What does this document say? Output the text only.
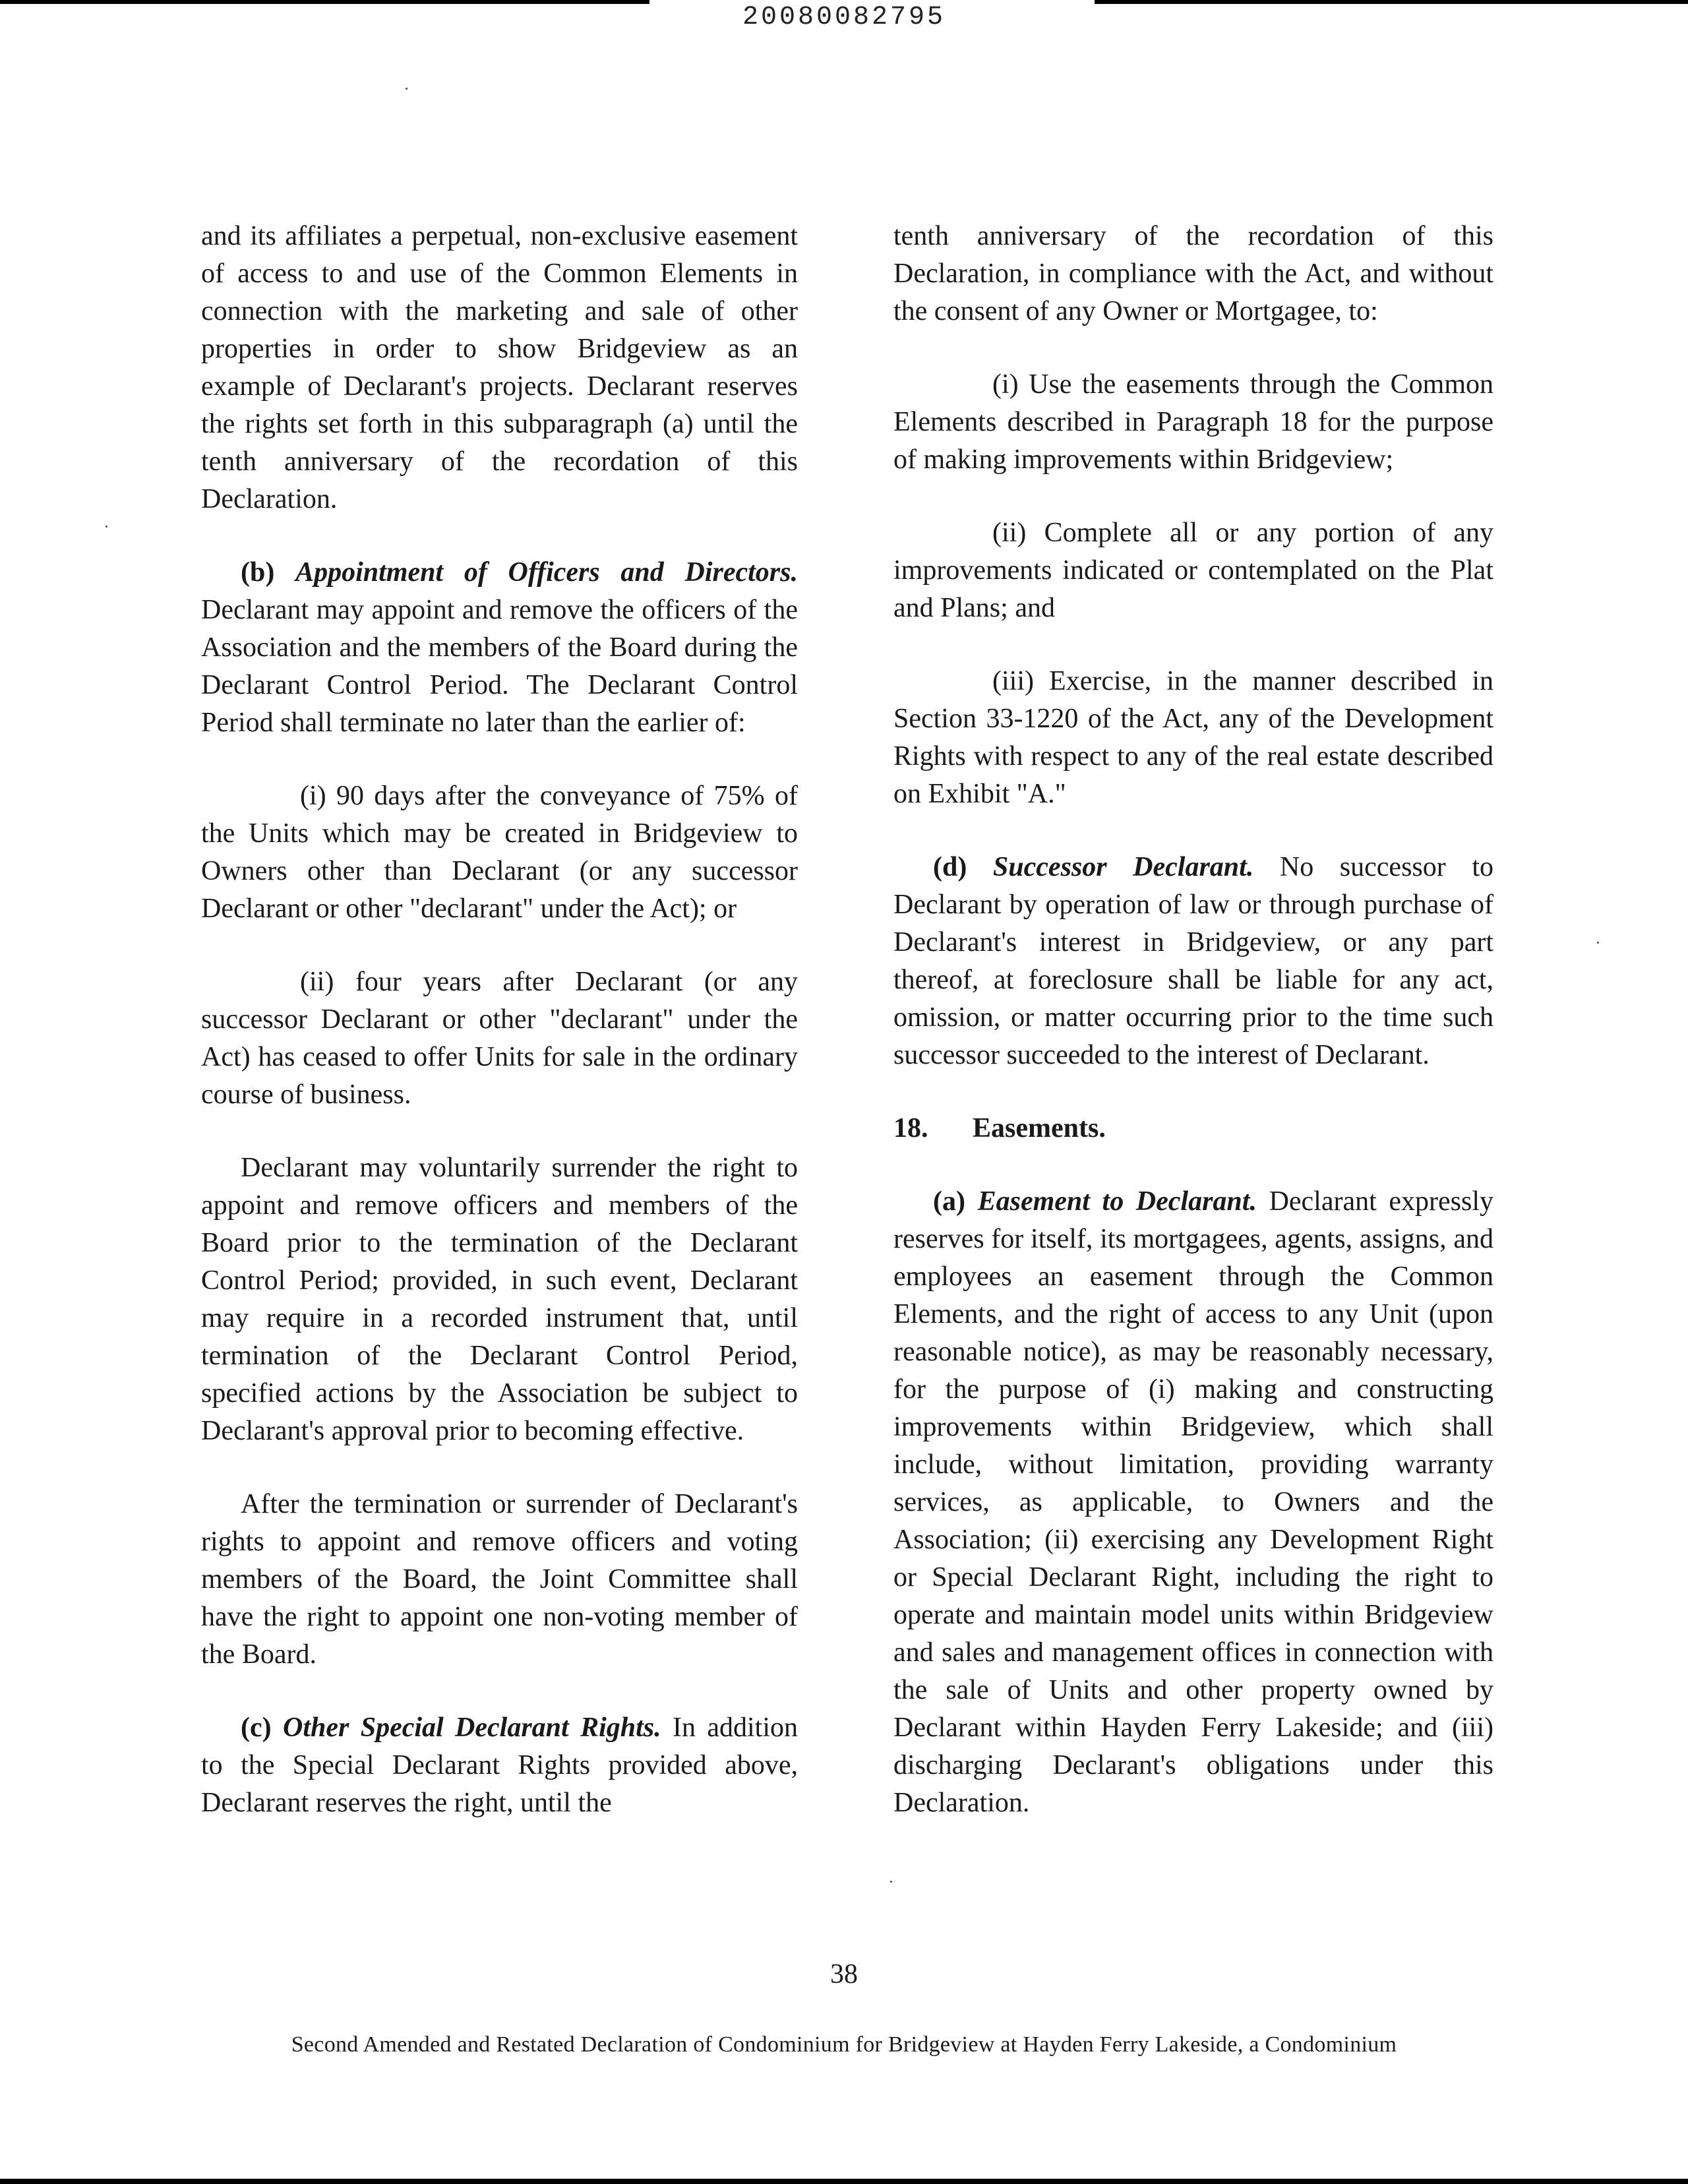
20080082795

and its affiliates a perpetual, non-exclusive easement of access to and use of the Common Elements in connection with the marketing and sale of other properties in order to show Bridgeview as an example of Declarant's projects. Declarant reserves the rights set forth in this subparagraph (a) until the tenth anniversary of the recordation of this Declaration.

(b) Appointment of Officers and Directors. Declarant may appoint and remove the officers of the Association and the members of the Board during the Declarant Control Period. The Declarant Control Period shall terminate no later than the earlier of:

(i) 90 days after the conveyance of 75% of the Units which may be created in Bridgeview to Owners other than Declarant (or any successor Declarant or other "declarant" under the Act); or

(ii) four years after Declarant (or any successor Declarant or other "declarant" under the Act) has ceased to offer Units for sale in the ordinary course of business.

Declarant may voluntarily surrender the right to appoint and remove officers and members of the Board prior to the termination of the Declarant Control Period; provided, in such event, Declarant may require in a recorded instrument that, until termination of the Declarant Control Period, specified actions by the Association be subject to Declarant's approval prior to becoming effective.

After the termination or surrender of Declarant's rights to appoint and remove officers and voting members of the Board, the Joint Committee shall have the right to appoint one non-voting member of the Board.

(c) Other Special Declarant Rights. In addition to the Special Declarant Rights provided above, Declarant reserves the right, until the

tenth anniversary of the recordation of this Declaration, in compliance with the Act, and without the consent of any Owner or Mortgagee, to:

(i) Use the easements through the Common Elements described in Paragraph 18 for the purpose of making improvements within Bridgeview;

(ii) Complete all or any portion of any improvements indicated or contemplated on the Plat and Plans; and

(iii) Exercise, in the manner described in Section 33-1220 of the Act, any of the Development Rights with respect to any of the real estate described on Exhibit "A."

(d) Successor Declarant. No successor to Declarant by operation of law or through purchase of Declarant's interest in Bridgeview, or any part thereof, at foreclosure shall be liable for any act, omission, or matter occurring prior to the time such successor succeeded to the interest of Declarant.

18. Easements.

(a) Easement to Declarant. Declarant expressly reserves for itself, its mortgagees, agents, assigns, and employees an easement through the Common Elements, and the right of access to any Unit (upon reasonable notice), as may be reasonably necessary, for the purpose of (i) making and constructing improvements within Bridgeview, which shall include, without limitation, providing warranty services, as applicable, to Owners and the Association; (ii) exercising any Development Right or Special Declarant Right, including the right to operate and maintain model units within Bridgeview and sales and management offices in connection with the sale of Units and other property owned by Declarant within Hayden Ferry Lakeside; and (iii) discharging Declarant's obligations under this Declaration.

38
Second Amended and Restated Declaration of Condominium for Bridgeview at Hayden Ferry Lakeside, a Condominium
